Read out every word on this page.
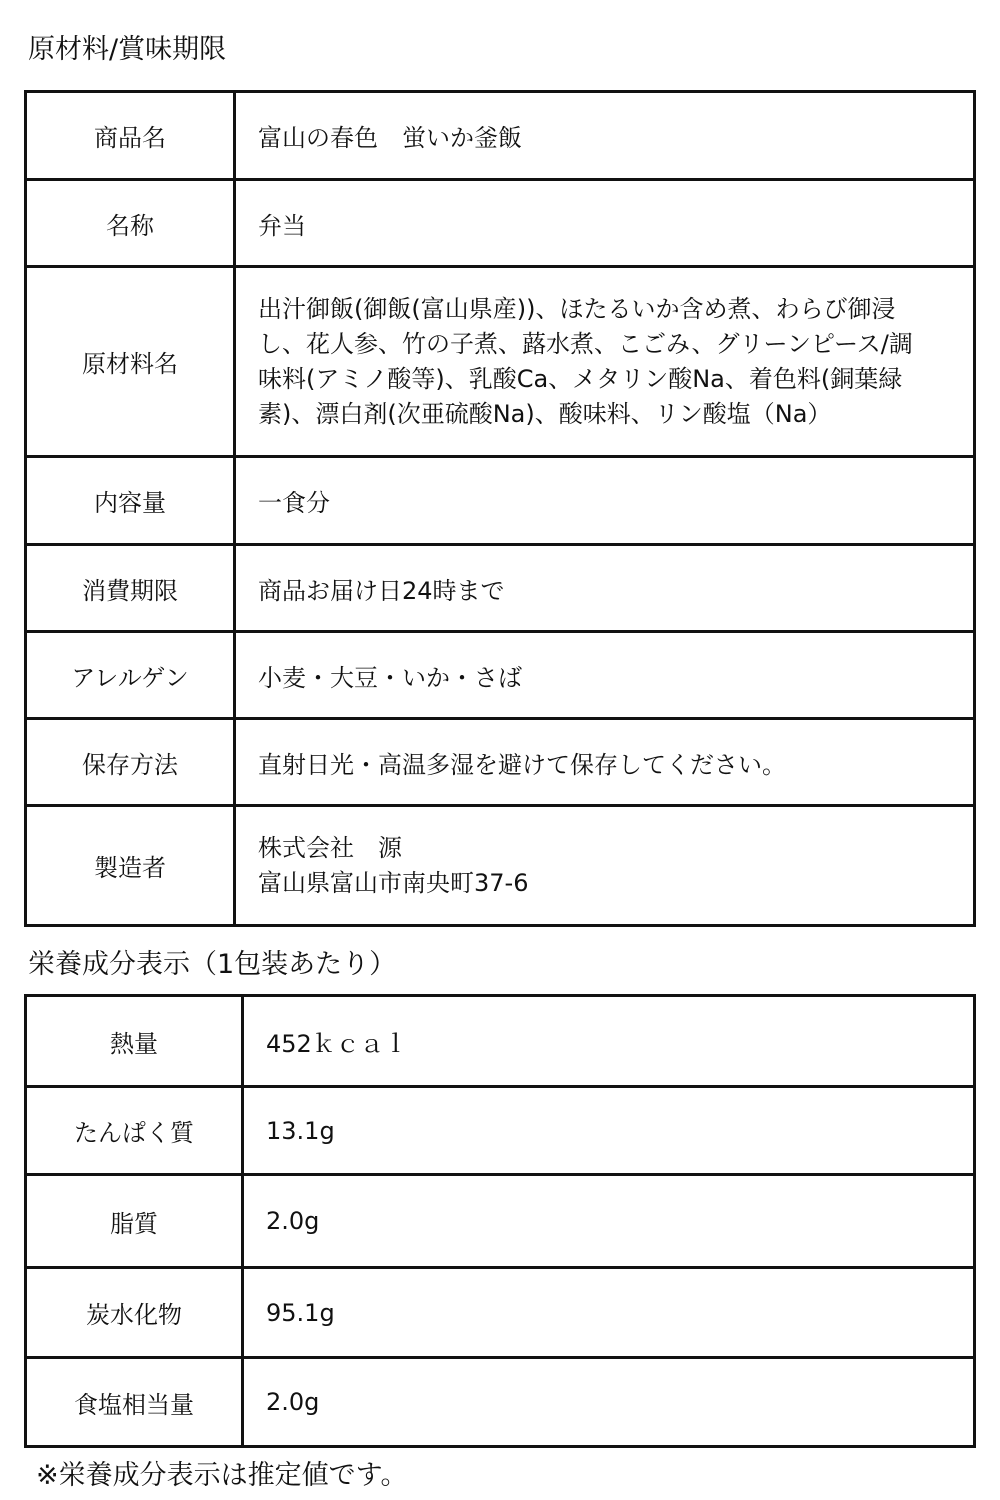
原材料/賞味期限
商品名	富山の春色　蛍いか釜飯
名称	弁当
原材料名	出汁御飯(御飯(富山県産))、ほたるいか含め煮、わらび御浸
し、花人参、竹の子煮、蕗水煮、こごみ、グリーンピース/調
味料(アミノ酸等)、乳酸Ca、メタリン酸Na、着色料(銅葉緑
素)、漂白剤(次亜硫酸Na)、酸味料、リン酸塩（Na）

内容量	一食分
消費期限	商品お届け日24時まで
アレルゲン	小麦・大豆・いか・さば
保存方法	直射日光・高温多湿を避けて保存してください。
製造者	株式会社　源
富山県富山市南央町37-6
栄養成分表示（1包装あたり）
熱量	452ｋｃａｌ
たんぱく質	13.1g
脂質	2.0g
炭水化物	95.1g
食塩相当量	2.0g
※栄養成分表示は推定値です。
